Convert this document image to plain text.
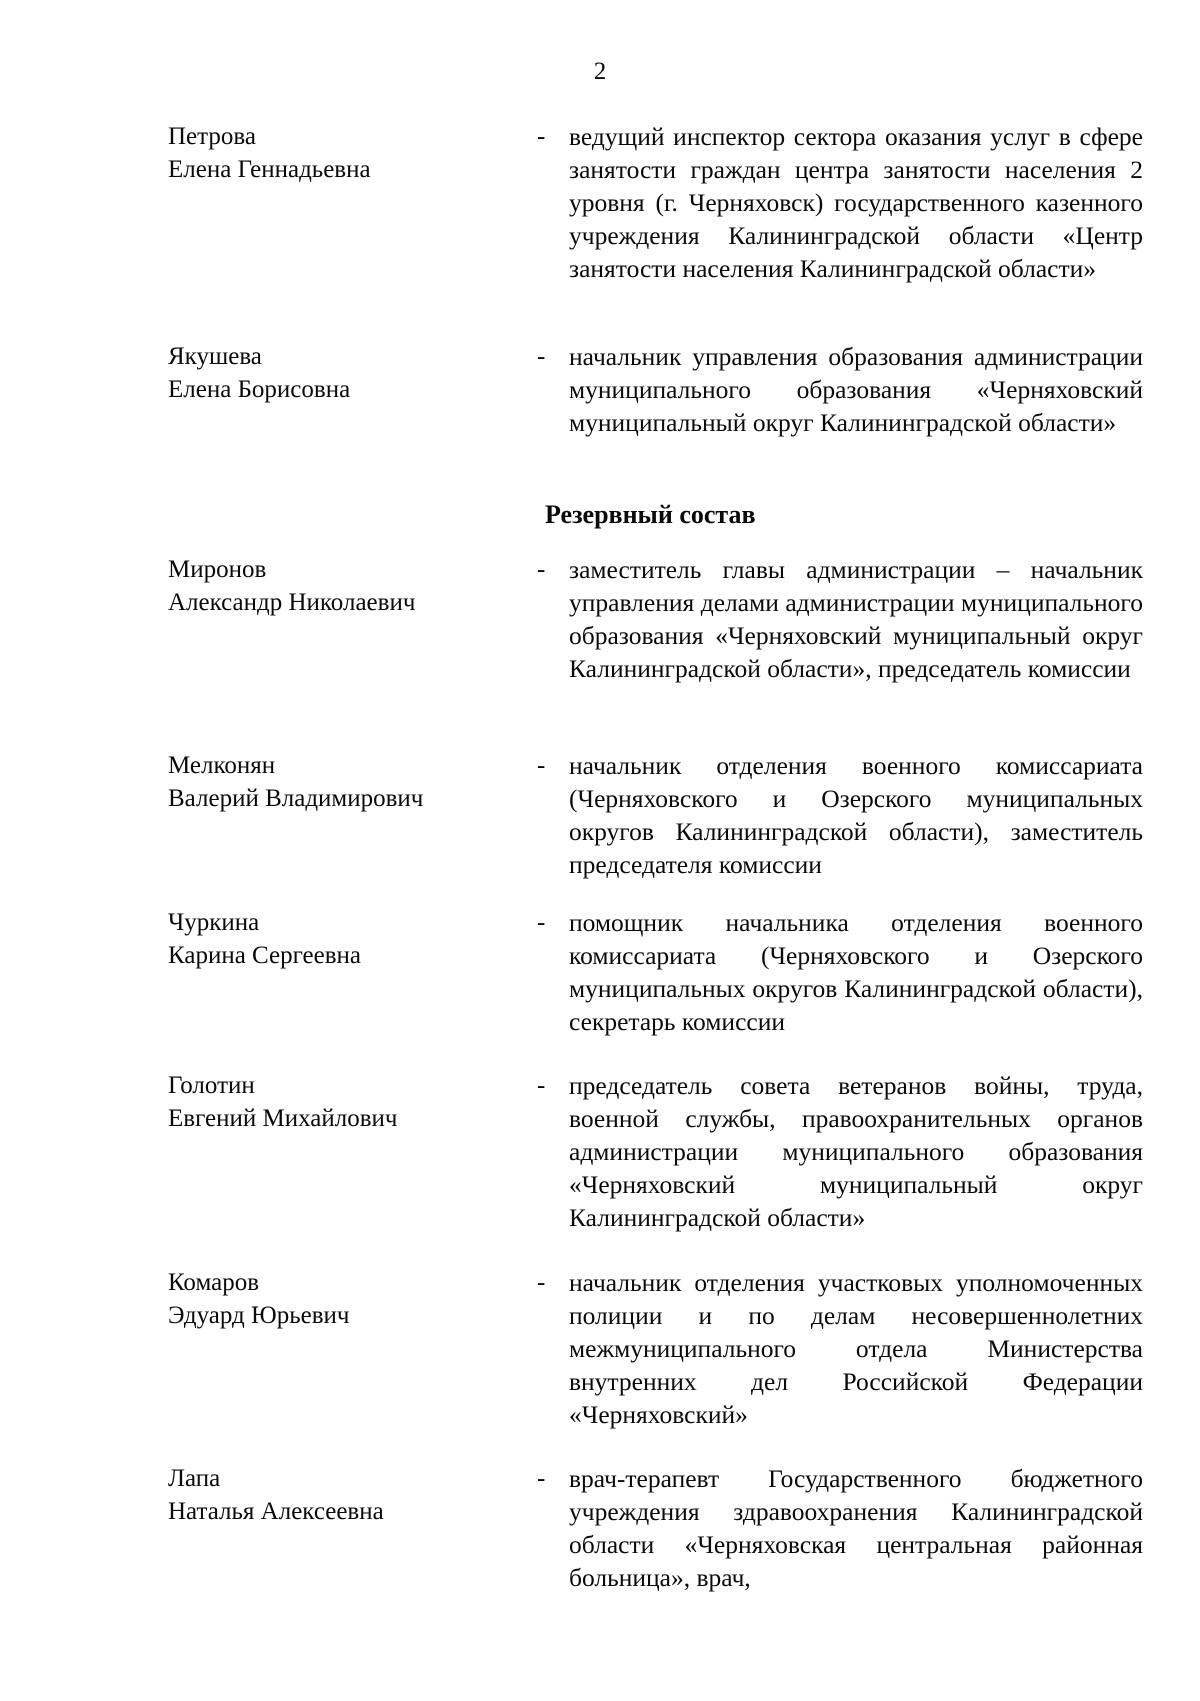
2
Петрова
Елена Геннадьевна
- ведущий инспектор сектора оказания услуг в сфере занятости граждан центра занятости населения 2 уровня (г. Черняховск) государственного казенного учреждения Калининградской области «Центр занятости населения Калининградской области»
Якушева
Елена Борисовна
- начальник управления образования администрации муниципального образования «Черняховский муниципальный округ Калининградской области»
Резервный состав
Миронов
Александр Николаевич
- заместитель главы администрации – начальник управления делами администрации муниципального образования «Черняховский муниципальный округ Калининградской области», председатель комиссии
Мелконян
Валерий Владимирович
- начальник отделения военного комиссариата (Черняховского и Озерского муниципальных округов Калининградской области), заместитель председателя комиссии
Чуркина
Карина Сергеевна
- помощник начальника отделения военного комиссариата (Черняховского и Озерского муниципальных округов Калининградской области), секретарь комиссии
Голотин
Евгений Михайлович
- председатель совета ветеранов войны, труда, военной службы, правоохранительных органов администрации муниципального образования «Черняховский муниципальный округ Калининградской области»
Комаров
Эдуард Юрьевич
- начальник отделения участковых уполномоченных полиции и по делам несовершеннолетних межмуниципального отдела Министерства внутренних дел Российской Федерации «Черняховский»
Лапа
Наталья Алексеевна
- врач-терапевт Государственного бюджетного учреждения здравоохранения Калининградской области «Черняховская центральная районная больница», врач,
